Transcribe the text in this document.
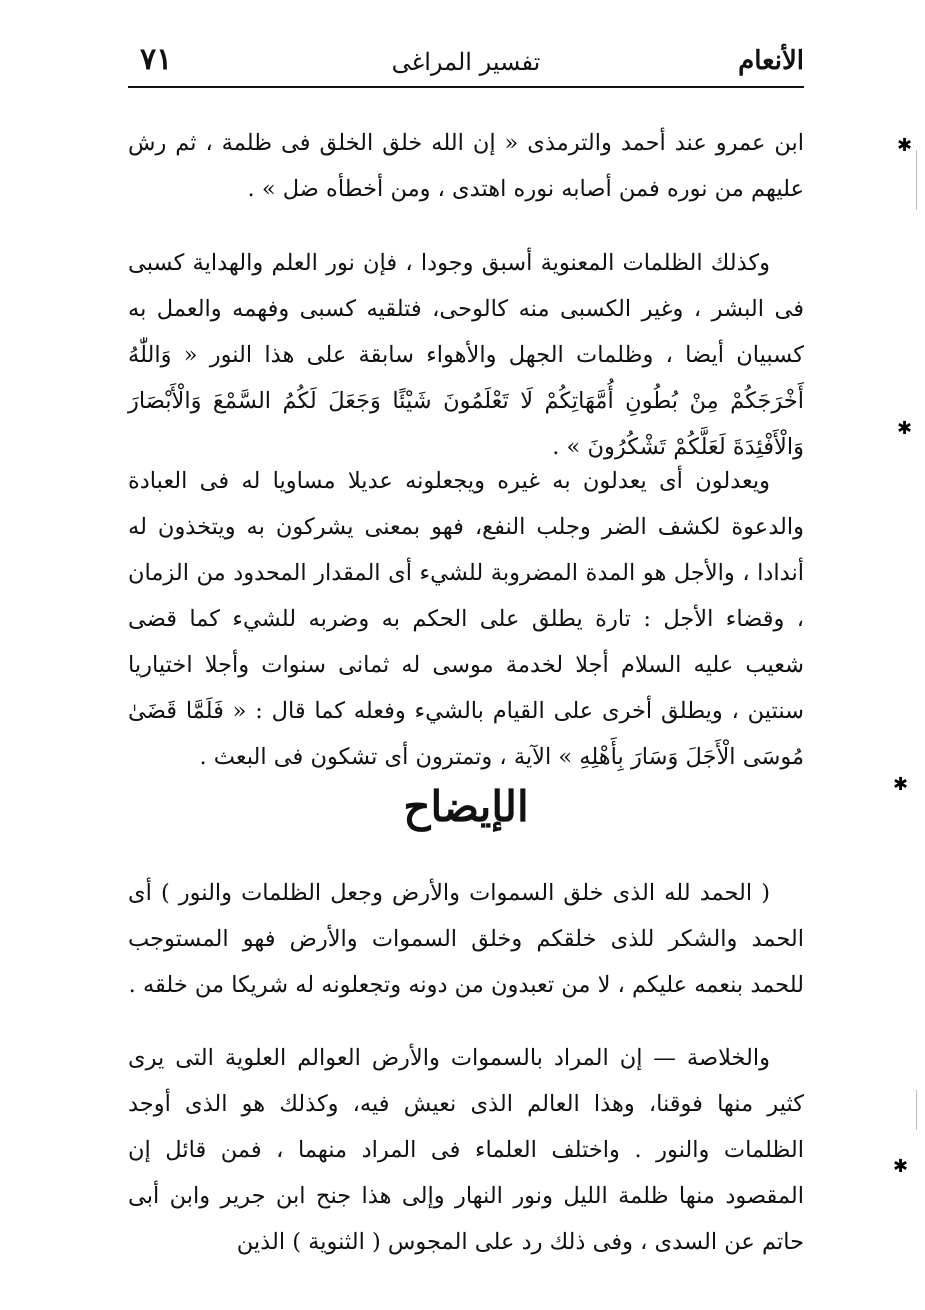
الأنعام
تفسير المراغى
٧١

ابن عمرو عند أحمد والترمذى « إن الله خلق الخلق فى ظلمة ، ثم رش عليهم من نوره فمن أصابه نوره اهتدى ، ومن أخطأه ضل » .

وكذلك الظلمات المعنوية أسبق وجودا ، فإن نور العلم والهداية كسبى فى البشر ، وغير الكسبى منه كالوحى، فتلقيه كسبى وفهمه والعمل به كسبيان أيضا ، وظلمات الجهل والأهواء سابقة على هذا النور « وَاللّٰهُ أَخْرَجَكُمْ مِنْ بُطُونِ أُمَّهَاتِكُمْ لَا تَعْلَمُونَ شَيْئًا وَجَعَلَ لَكُمُ السَّمْعَ وَالْأَبْصَارَ وَالْأَفْئِدَةَ لَعَلَّكُمْ تَشْكُرُونَ » .

ويعدلون أى يعدلون به غيره ويجعلونه عديلا مساويا له فى العبادة والدعوة لكشف الضر وجلب النفع، فهو بمعنى يشركون به ويتخذون له أندادا ، والأجل هو المدة المضروبة للشيء أى المقدار المحدود من الزمان ، وقضاء الأجل : تارة يطلق على الحكم به وضربه للشيء كما قضى شعيب عليه السلام أجلا لخدمة موسى له ثمانى سنوات وأجلا اختياريا سنتين ، ويطلق أخرى على القيام بالشيء وفعله كما قال : « فَلَمَّا قَضَىٰ مُوسَى الْأَجَلَ وَسَارَ بِأَهْلِهِ » الآية ، وتمترون أى تشكون فى البعث .

الإيضاح

( الحمد لله الذى خلق السموات والأرض وجعل الظلمات والنور ) أى الحمد والشكر للذى خلقكم وخلق السموات والأرض فهو المستوجب للحمد بنعمه عليكم ، لا من تعبدون من دونه وتجعلونه له شريكا من خلقه .

والخلاصة — إن المراد بالسموات والأرض العوالم العلوية التى يرى كثير منها فوقنا، وهذا العالم الذى نعيش فيه، وكذلك هو الذى أوجد الظلمات والنور . واختلف العلماء فى المراد منهما ، فمن قائل إن المقصود منها ظلمة الليل ونور النهار وإلى هذا جنح ابن جرير وابن أبى حاتم عن السدى ، وفى ذلك رد على المجوس ( الثنوية ) الذين

✱
✱
✱
✱
